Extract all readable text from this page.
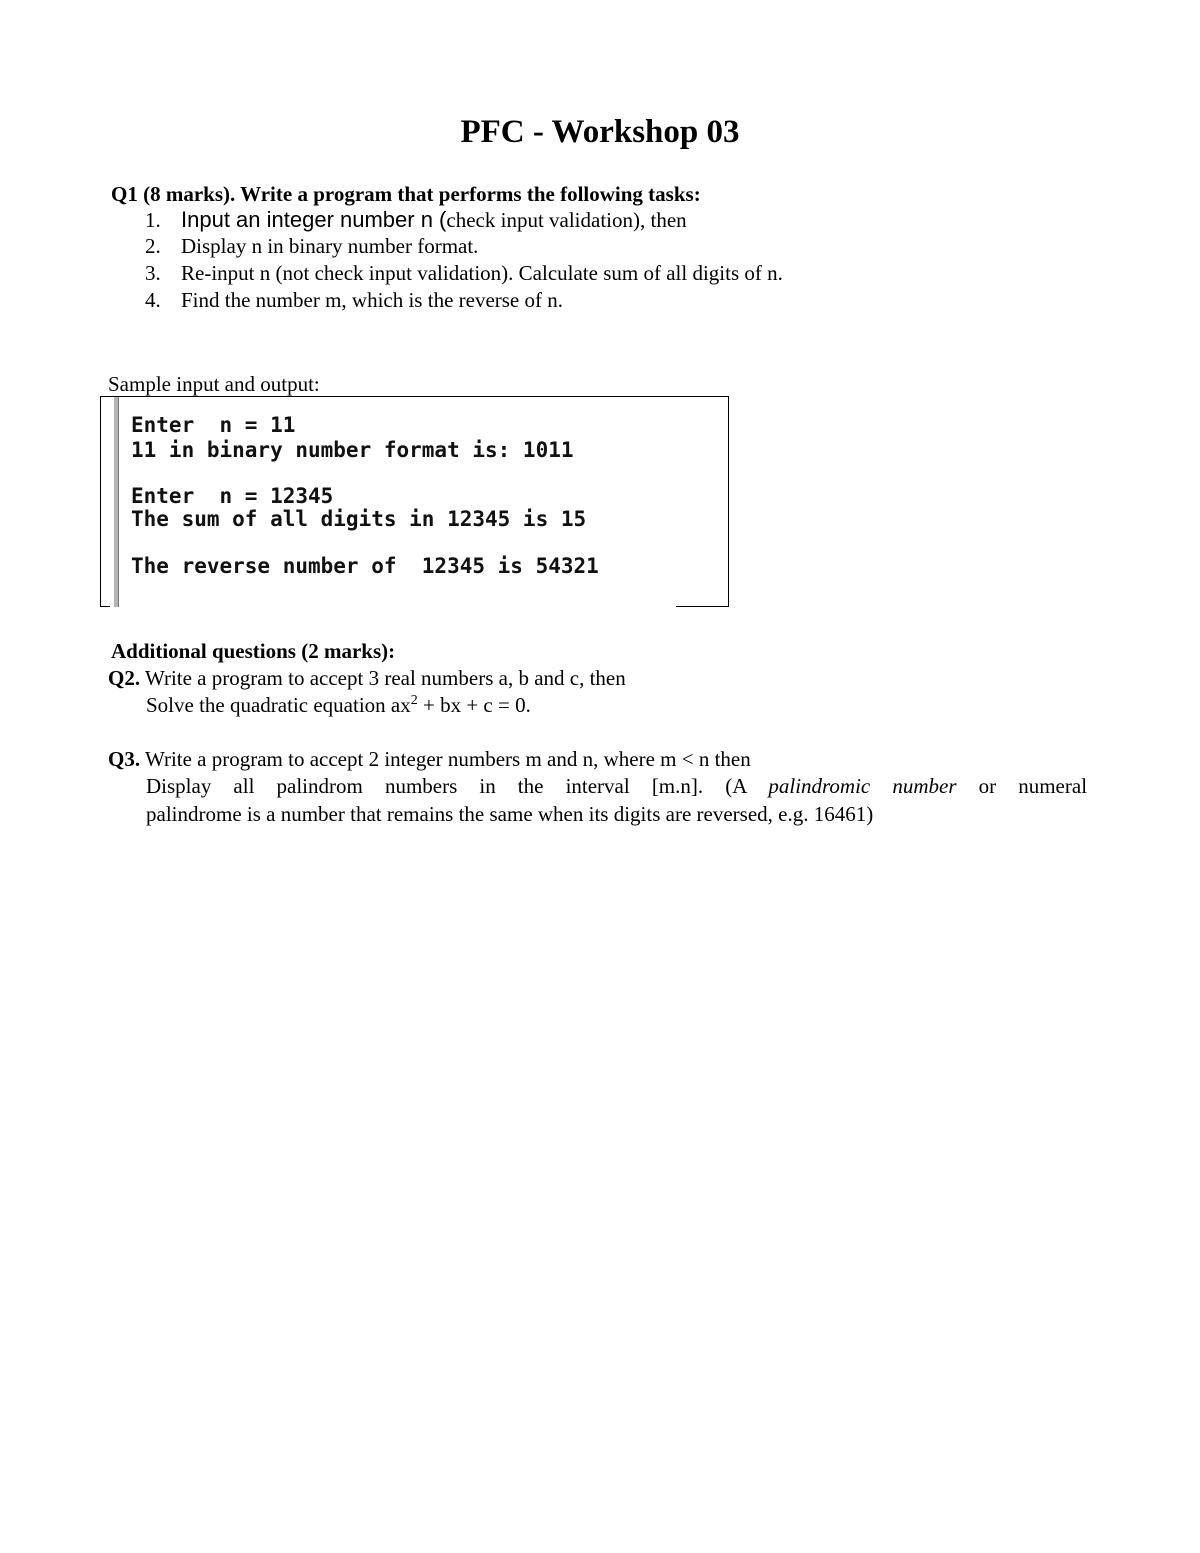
PFC - Workshop 03
Q1 (8 marks). Write a program that performs the following tasks:
1. Input an integer number n (check input validation), then
2. Display n in binary number format.
3. Re-input n (not check input validation). Calculate sum of all digits of n.
4. Find the number m, which is the reverse of n.
Sample input and output:
Enter  n = 11
11 in binary number format is: 1011
Enter  n = 12345
The sum of all digits in 12345 is 15
The reverse number of  12345 is 54321
Additional questions (2 marks):
Q2. Write a program to accept 3 real numbers a, b and c, then
Solve the quadratic equation $ax^2$ + bx + c = 0.
Q3. Write a program to accept 2 integer numbers m and n, where m < n then
Display all palindrom numbers in the interval [m.n]. (A palindromic number or numeral
palindrome is a number that remains the same when its digits are reversed, e.g. 16461)
